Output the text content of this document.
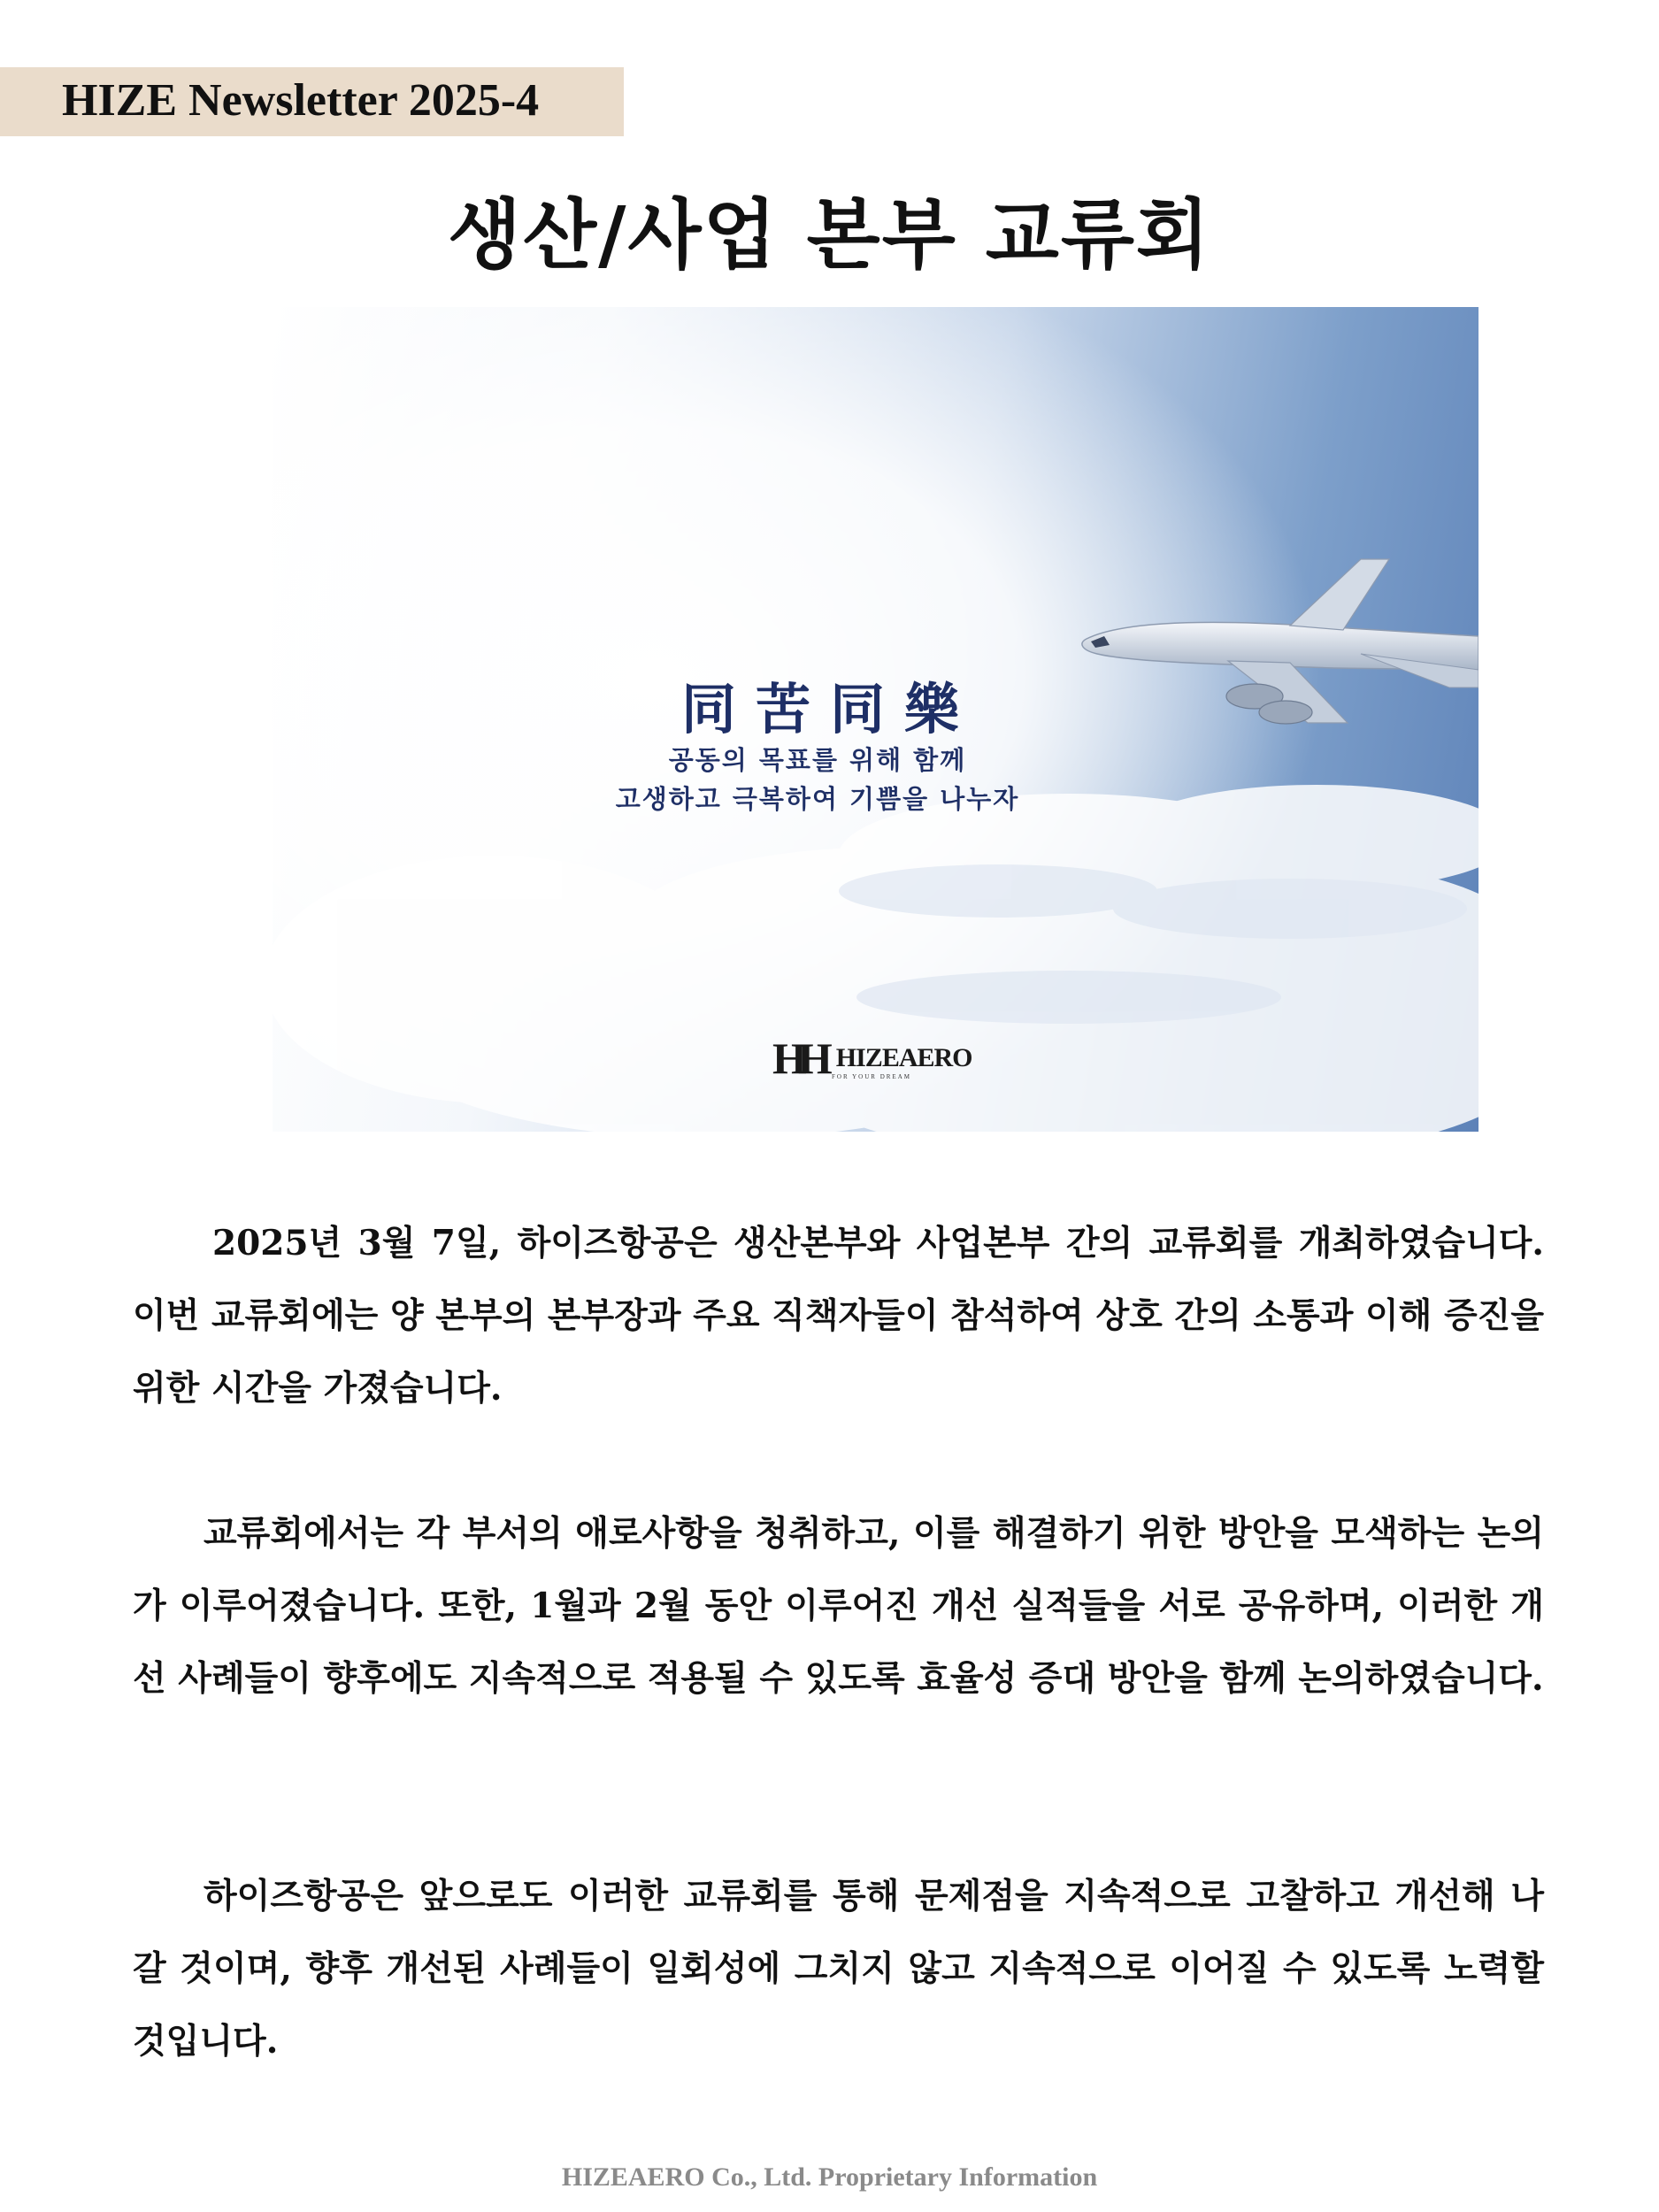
HIZE Newsletter 2025-4
생산/사업 본부 교류회
同苦同樂
공동의 목표를 위해 함께
고생하고 극복하여 기쁨을 나누자
HH HIZEAERO
FOR YOUR DREAM
2025년 3월 7일, 하이즈항공은 생산본부와 사업본부 간의 교류회를 개최하였습니다. 이번 교류회에는 양 본부의 본부장과 주요 직책자들이 참석하여 상호 간의 소통과 이해 증진을 위한 시간을 가졌습니다.
교류회에서는 각 부서의 애로사항을 청취하고, 이를 해결하기 위한 방안을 모색하는 논의가 이루어졌습니다. 또한, 1월과 2월 동안 이루어진 개선 실적들을 서로 공유하며, 이러한 개선 사례들이 향후에도 지속적으로 적용될 수 있도록 효율성 증대 방안을 함께 논의하였습니다.
하이즈항공은 앞으로도 이러한 교류회를 통해 문제점을 지속적으로 고찰하고 개선해 나갈 것이며, 향후 개선된 사례들이 일회성에 그치지 않고 지속적으로 이어질 수 있도록 노력할 것입니다.
HIZEAERO Co., Ltd. Proprietary Information
